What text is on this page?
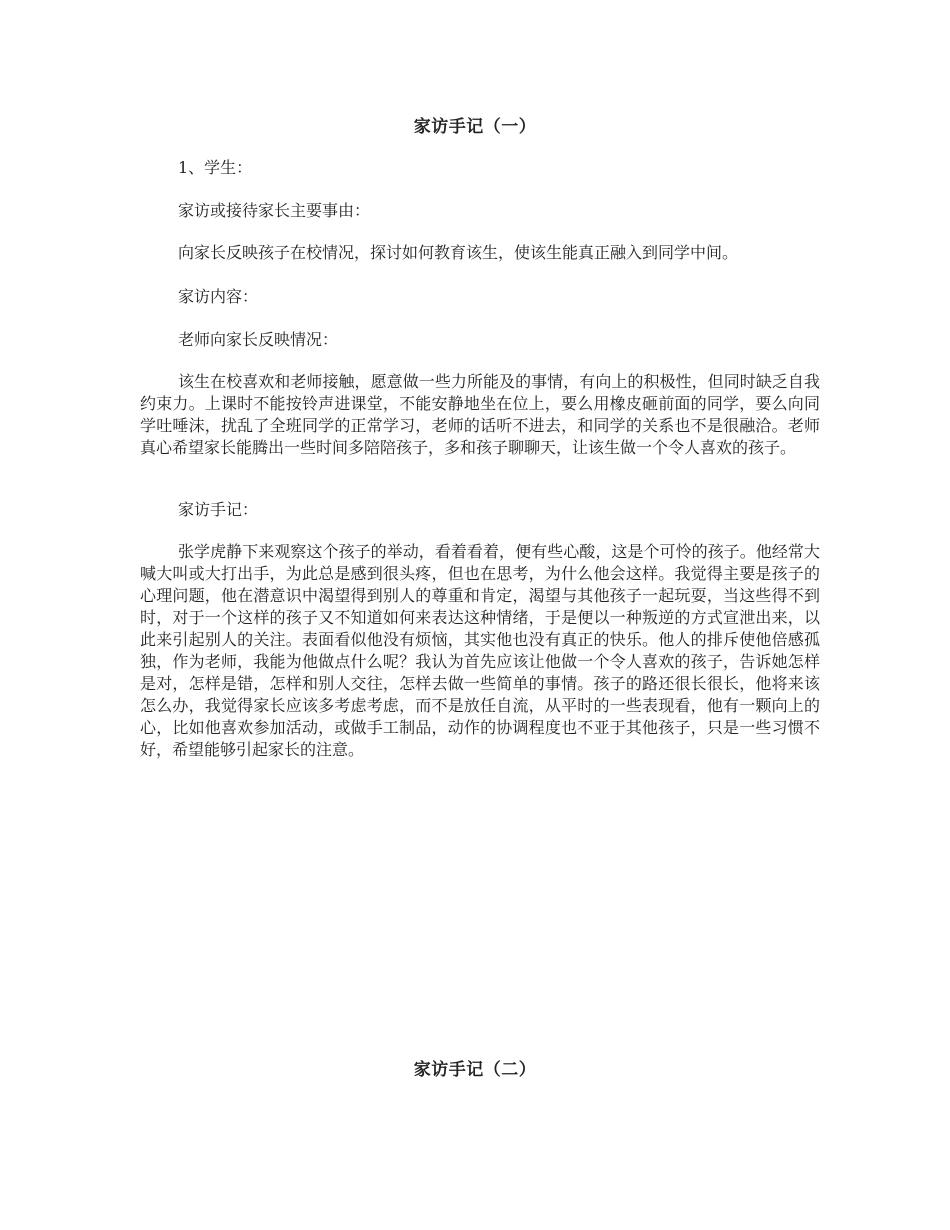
家访手记（一）

1、学生：

家访或接待家长主要事由：

向家长反映孩子在校情况，探讨如何教育该生，使该生能真正融入到同学中间。

家访内容：

老师向家长反映情况：

该生在校喜欢和老师接触，愿意做一些力所能及的事情，有向上的积极性，但同时缺乏自我约束力。上课时不能按铃声进课堂，不能安静地坐在位上，要么用橡皮砸前面的同学，要么向同学吐唾沫，扰乱了全班同学的正常学习，老师的话听不进去，和同学的关系也不是很融洽。老师真心希望家长能腾出一些时间多陪陪孩子，多和孩子聊聊天，让该生做一个令人喜欢的孩子。

家访手记：

张学虎静下来观察这个孩子的举动，看着看着，便有些心酸，这是个可怜的孩子。他经常大喊大叫或大打出手，为此总是感到很头疼，但也在思考，为什么他会这样。我觉得主要是孩子的心理问题，他在潜意识中渴望得到别人的尊重和肯定，渴望与其他孩子一起玩耍，当这些得不到时，对于一个这样的孩子又不知道如何来表达这种情绪，于是便以一种叛逆的方式宣泄出来，以此来引起别人的关注。表面看似他没有烦恼，其实他也没有真正的快乐。他人的排斥使他倍感孤独，作为老师，我能为他做点什么呢？我认为首先应该让他做一个令人喜欢的孩子，告诉她怎样是对，怎样是错，怎样和别人交往，怎样去做一些简单的事情。孩子的路还很长很长，他将来该怎么办，我觉得家长应该多考虑考虑，而不是放任自流，从平时的一些表现看，他有一颗向上的心，比如他喜欢参加活动，或做手工制品，动作的协调程度也不亚于其他孩子，只是一些习惯不好，希望能够引起家长的注意。

家访手记（二）
